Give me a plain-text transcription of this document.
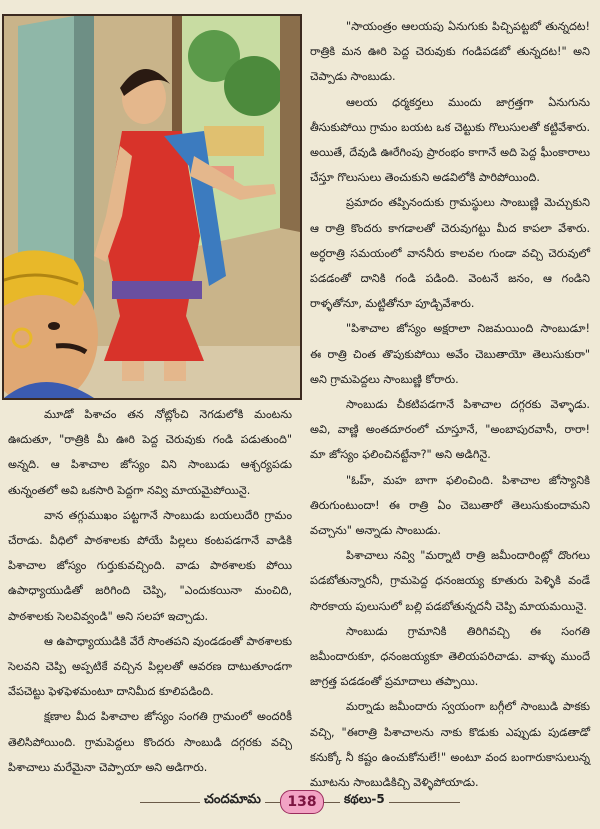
మూడో పిశాచం తన నోట్లోంచి నెగడులోకి మంటను ఊదుతూ, "రాత్రికి మీ ఊరి పెద్ద చెరువుకు గండి పడుతుంది" అన్నది. ఆ పిశాచాల జోస్యం విని సాంబుడు ఆశ్చర్యపడు తున్నంతలో అవి ఒకసారి పెద్దగా నవ్వి మాయమైపోయినై.

వాన తగ్గుముఖం పట్టగానే సాంబుడు బయలుదేరి గ్రామం చేరాడు. వీధిలో పాఠశాలకు పోయే పిల్లలు కంటపడగానే వాడికి పిశాచాల జోస్యం గుర్తుకువచ్చింది. వాడు పాఠశాలకు పోయి ఉపాధ్యాయుడితో జరిగింది చెప్పి, "ఎందుకయినా మంచిది, పాఠశాలకు సెలవివ్వండి" అని సలహా ఇచ్చాడు.

ఆ ఉపాధ్యాయుడికి వేరే సొంతపని వుండడంతో పాఠశాలకు సెలవని చెప్పి అప్పటికే వచ్చిన పిల్లలతో ఆవరణ దాటుతూండగా వేపచెట్టు ఫెళఫెళమంటూ దానిమీద కూలిపడింది.

క్షణాల మీద పిశాచాల జోస్యం సంగతి గ్రామంలో అందరికీ తెలిసిపోయింది. గ్రామపెద్దలు కొందరు సాంబుడి దగ్గరకు వచ్చి పిశాచాలు మరేమైనా చెప్పాయా అని అడిగారు.

"సాయంత్రం ఆలయపు ఏనుగుకు పిచ్చిపట్టబో తున్నదట! రాత్రికి మన ఊరి పెద్ద చెరువుకు గండిపడబో తున్నదట!" అని చెప్పాడు సాంబుడు.

ఆలయ ధర్మకర్తలు ముందు జాగ్రత్తగా ఏనుగును తీసుకుపోయి గ్రామం బయట ఒక చెట్టుకు గొలుసులతో కట్టివేశారు. అయితే, దేవుడి ఊరేగింపు ప్రారంభం కాగానే అది పెద్ద ఘీంకారాలు చేస్తూ గొలుసులు తెంచుకుని అడవిలోకి పారిపోయింది.

ప్రమాదం తప్పినందుకు గ్రామస్థులు సాంబుణ్ణి మెచ్చుకుని ఆ రాత్రి కొందరు కాగడాలతో చెరువుగట్టు మీద కాపలా వేశారు. అర్ధరాత్రి సమయంలో వాననీరు కాలవల గుండా వచ్చి చెరువులో పడడంతో దానికి గండి పడింది. వెంటనే జనం, ఆ గండిని రాళ్ళతోనూ, మట్టితోనూ పూడ్చివేశారు.

"పిశాచాల జోస్యం అక్షరాలా నిజమయింది సాంబుడూ! ఈ రాత్రి చింత తొపుకుపోయి అవేం చెబుతాయో తెలుసుకురా" అని గ్రామపెద్దలు సాంబుణ్ణి కోరారు.

సాంబుడు చీకటిపడగానే పిశాచాల దగ్గరకు వెళ్ళాడు. అవి, వాణ్ణి అంతదూరంలో చూస్తూనే, "అంబాపురవాసీ, రారా! మా జోస్యం ఫలించినట్టేనా?" అని అడిగినై.

"ఓహ్, మహ బాగా ఫలించింది. పిశాచాల జోస్యానికి తిరుగుంటుందా! ఈ రాత్రి ఏం చెబుతారో తెలుసుకుందామని వచ్చాను" అన్నాడు సాంబుడు.

పిశాచాలు నవ్వి "మర్నాటి రాత్రి జమీందారింట్లో దొంగలు పడబోతున్నారనీ, గ్రామపెద్ద ధనంజయ్య కూతురు పెళ్ళికి వండే సొరకాయ పులుసులో బల్లి పడబోతున్నదనీ చెప్పి మాయమయినై.

సాంబుడు గ్రామానికి తిరిగివచ్చి ఈ సంగతి జమీందారుకూ, ధనంజయ్యకూ తెలియపరిచాడు. వాళ్ళు ముందే జాగ్రత్త పడడంతో ప్రమాదాలు తప్పాయి.

మర్నాడు జమీందారు స్వయంగా బగ్గీలో సాంబుడి పాకకు వచ్చి, "ఈరాత్రి పిశాచాలను నాకు కొడుకు ఎప్పుడు పుడతాడో కనుక్కో నీ కష్టం ఉంచుకోనులే!" అంటూ వంద బంగారుకాసులున్న మూటను సాంబుడికిచ్చి వెళ్ళిపోయాడు.

చందమామ	138	కథలు-5
